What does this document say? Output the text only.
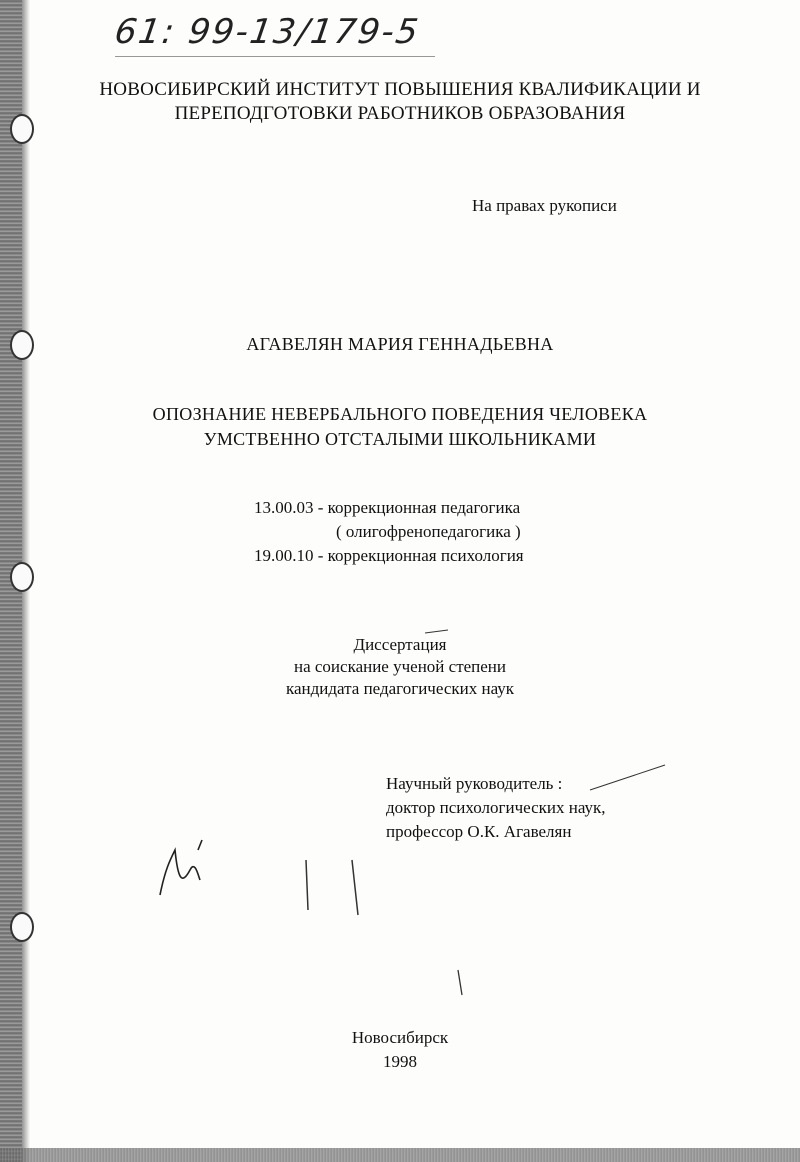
61: 99-13/179-5
НОВОСИБИРСКИЙ ИНСТИТУТ ПОВЫШЕНИЯ КВАЛИФИКАЦИИ И
ПЕРЕПОДГОТОВКИ РАБОТНИКОВ ОБРАЗОВАНИЯ
На правах рукописи
АГАВЕЛЯН МАРИЯ ГЕННАДЬЕВНА
ОПОЗНАНИЕ НЕВЕРБАЛЬНОГО ПОВЕДЕНИЯ ЧЕЛОВЕКА
УМСТВЕННО ОТСТАЛЫМИ ШКОЛЬНИКАМИ
13.00.03 - коррекционная педагогика
( олигофренопедагогика )
19.00.10 - коррекционная психология
Диссертация
на соискание ученой степени
кандидата педагогических наук
Научный руководитель :
доктор психологических наук,
профессор О.К. Агавелян
Новосибирск
1998
